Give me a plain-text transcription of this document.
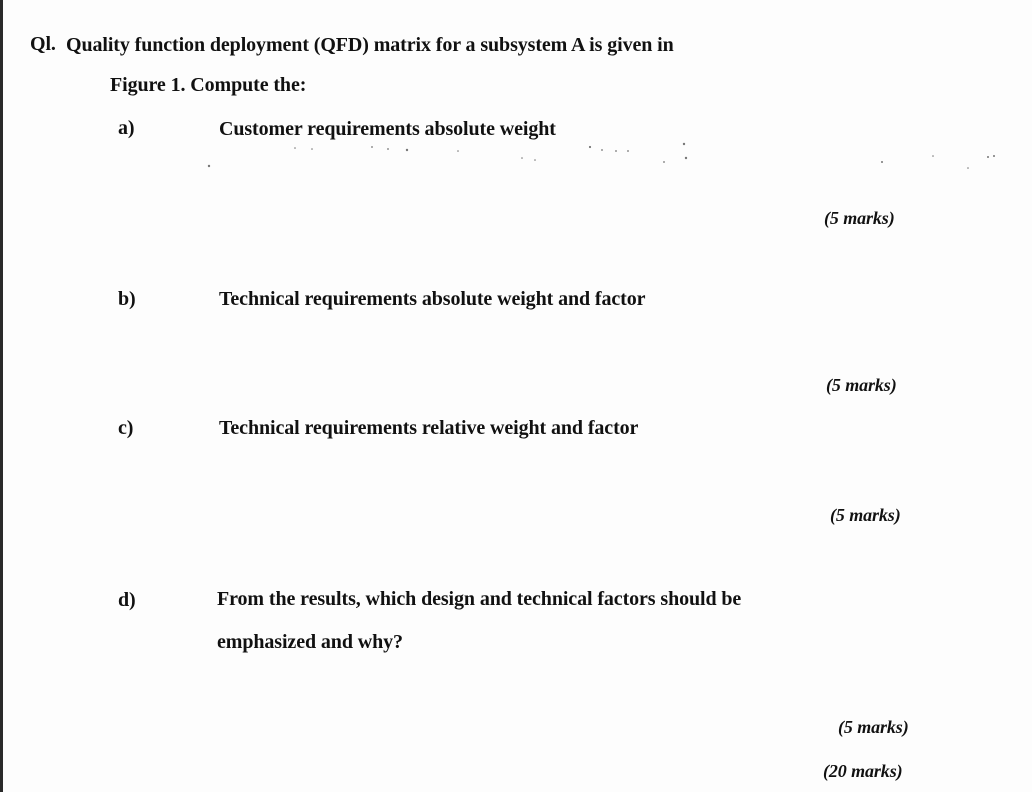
Ql. Quality function deployment (QFD) matrix for a subsystem A is given in
Figure 1. Compute the:
a)	Customer requirements absolute weight
(5 marks)
b)	Technical requirements absolute weight and factor
(5 marks)
c)	Technical requirements relative weight and factor
(5 marks)
d)	From the results, which design and technical factors should be
emphasized and why?
(5 marks)
(20 marks)
